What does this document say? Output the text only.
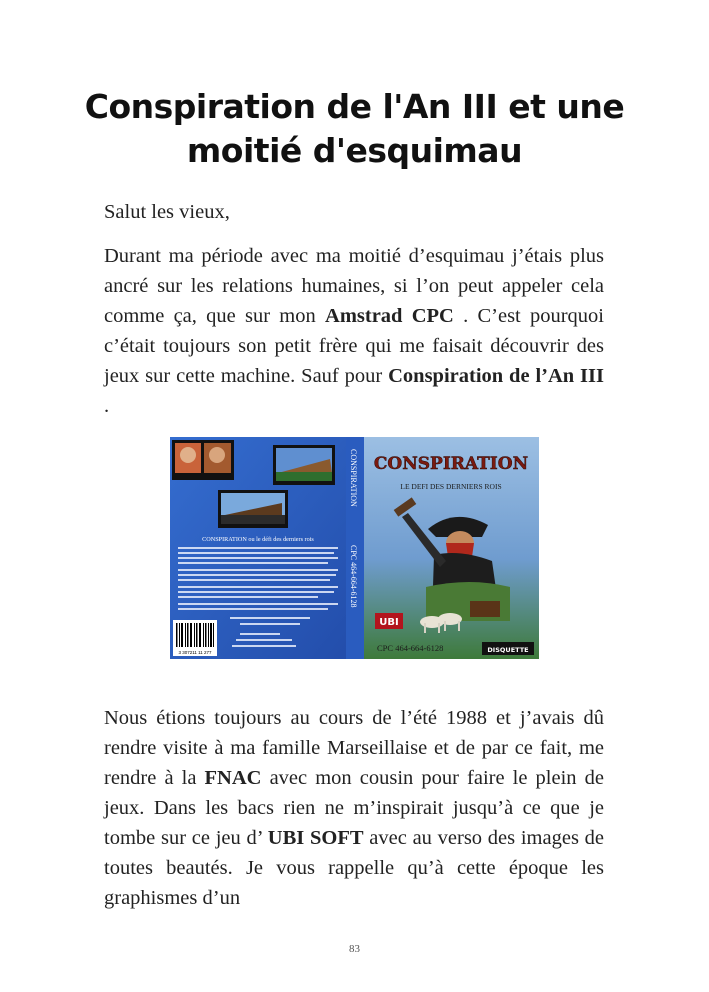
Conspiration de l'An III et une moitié d'esquimau

Salut les vieux,

Durant ma période avec ma moitié d’esquimau j’étais plus ancré sur les relations humaines, si l’on peut appeler cela comme ça, que sur mon Amstrad CPC . C’est pourquoi c’était toujours son petit frère qui me faisait découvrir des jeux sur cette machine. Sauf pour Conspiration de l’An III .

CONSPIRATION ou le défi des derniers rois
3 307211 11 277
CONSPIRATION
CPC 464-664-6128
CONSPIRATION
LE DEFI DES DERNIERS ROIS
UBI
CPC 464-664-6128	DISQUETTE

Nous étions toujours au cours de l’été 1988 et j’avais dû rendre visite à ma famille Marseillaise et de par ce fait, me rendre à la FNAC avec mon cousin pour faire le plein de jeux. Dans les bacs rien ne m’inspirait jusqu’à ce que je tombe sur ce jeu d’ UBI SOFT avec au verso des images de toutes beautés. Je vous rappelle qu’à cette époque les graphismes d’un

83
